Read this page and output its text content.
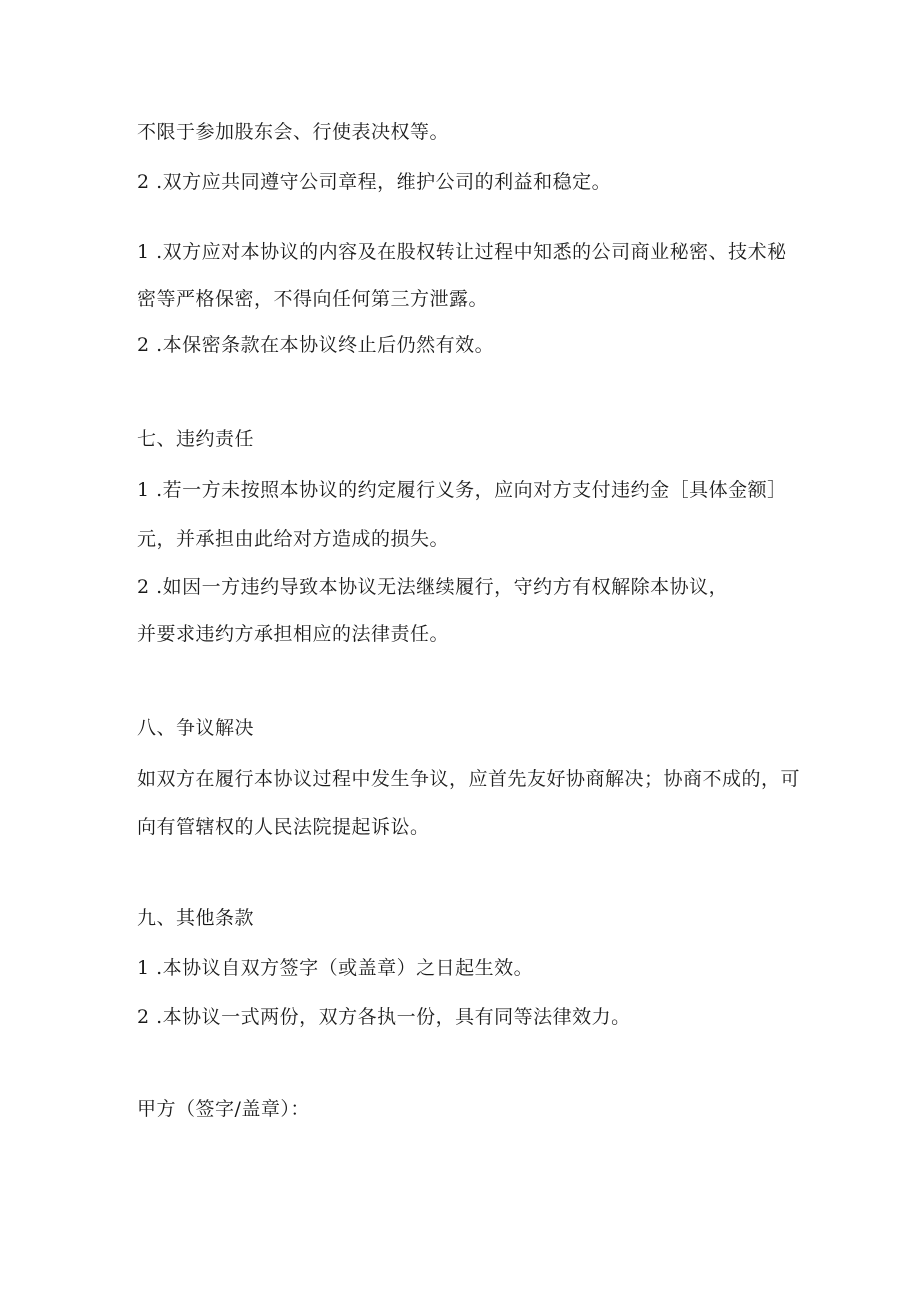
不限于参加股东会、行使表决权等。
2 .双方应共同遵守公司章程，维护公司的利益和稳定。
1 .双方应对本协议的内容及在股权转让过程中知悉的公司商业秘密、技术秘
密等严格保密，不得向任何第三方泄露。
2 .本保密条款在本协议终止后仍然有效。
七、违约责任
1 .若一方未按照本协议的约定履行义务，应向对方支付违约金［具体金额］
元，并承担由此给对方造成的损失。
2 .如因一方违约导致本协议无法继续履行，守约方有权解除本协议，
并要求违约方承担相应的法律责任。
八、争议解决
如双方在履行本协议过程中发生争议，应首先友好协商解决；协商不成的，可
向有管辖权的人民法院提起诉讼。
九、其他条款
1 .本协议自双方签字（或盖章）之日起生效。
2 .本协议一式两份，双方各执一份，具有同等法律效力。
甲方（签字/盖章）：
